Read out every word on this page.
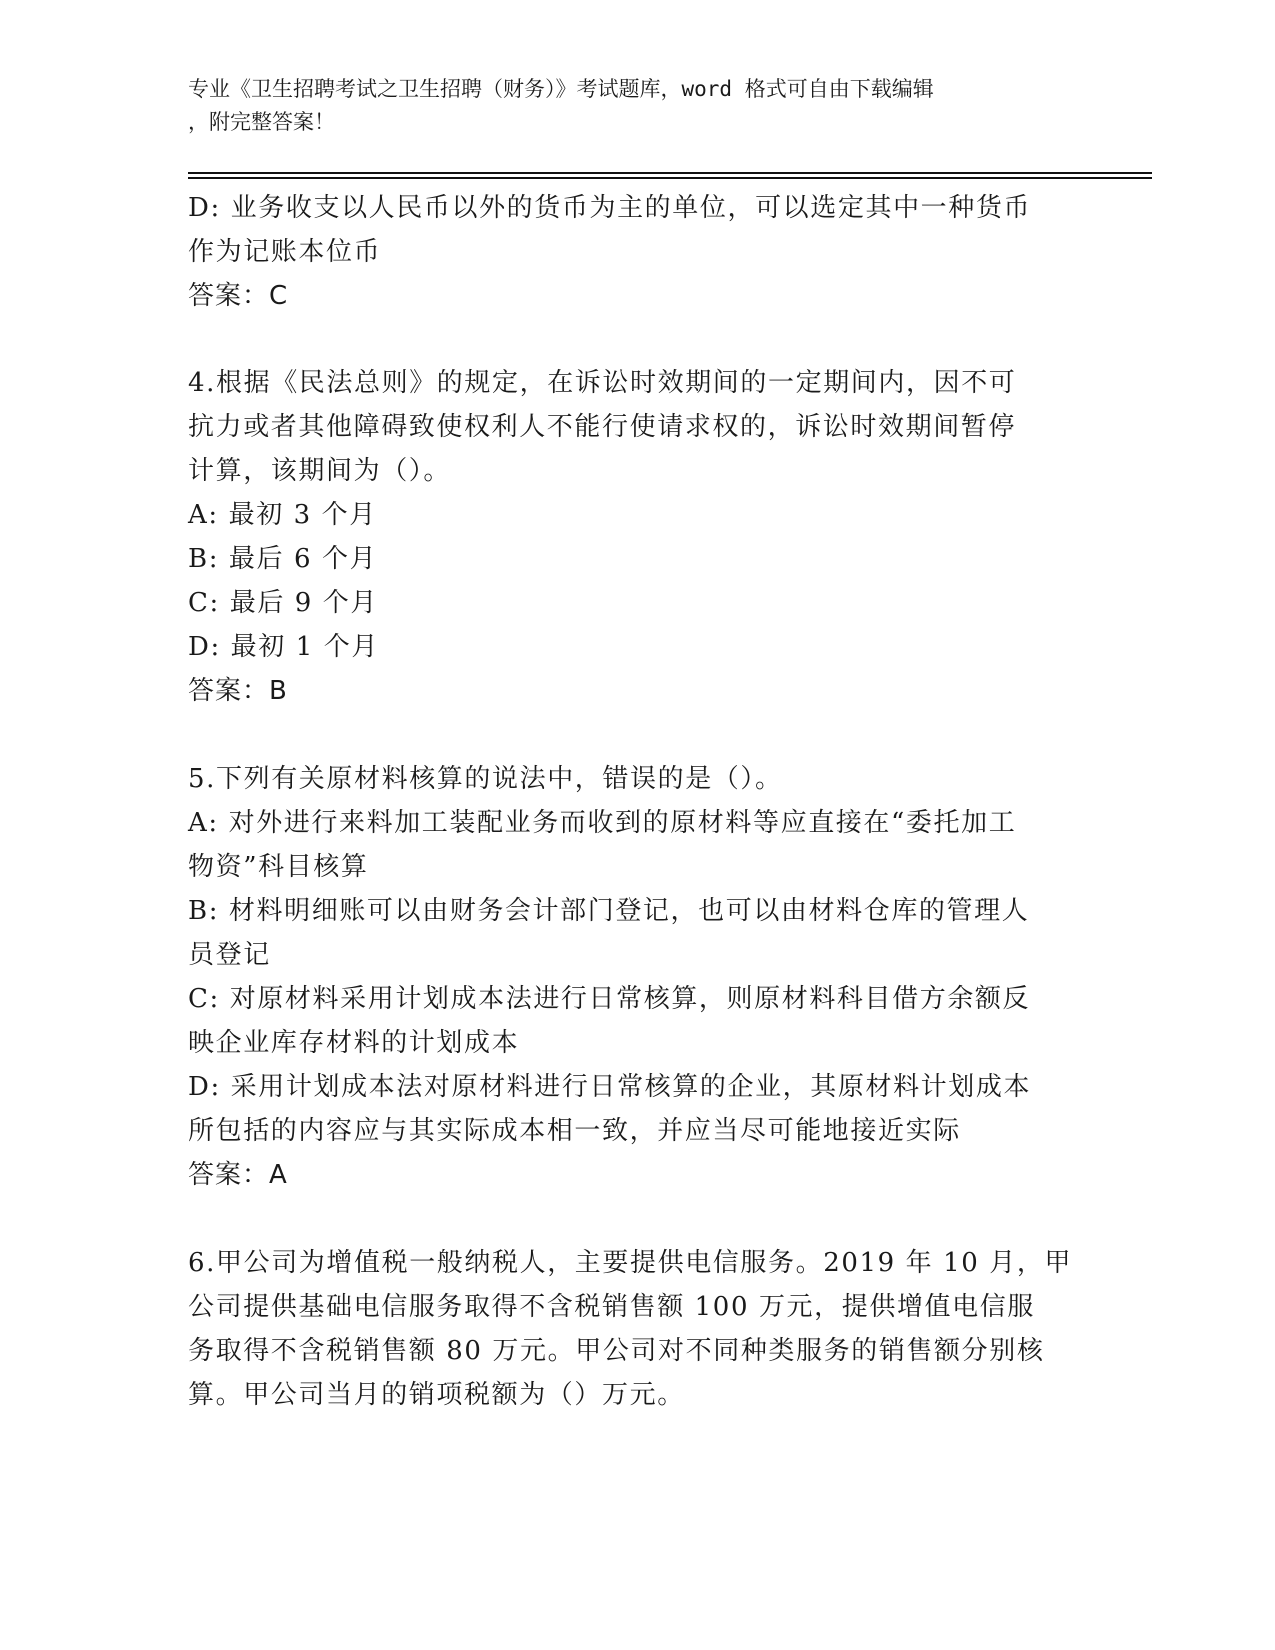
专业《卫生招聘考试之卫生招聘（财务）》考试题库，word 格式可自由下载编辑
，附完整答案！
D: 业务收支以人民币以外的货币为主的单位，可以选定其中一种货币
作为记账本位币
答案：C
4.根据《民法总则》的规定，在诉讼时效期间的一定期间内，因不可
抗力或者其他障碍致使权利人不能行使请求权的，诉讼时效期间暂停
计算，该期间为（）。
A: 最初 3 个月
B: 最后 6 个月
C: 最后 9 个月
D: 最初 1 个月
答案：B
5.下列有关原材料核算的说法中，错误的是（）。
A: 对外进行来料加工装配业务而收到的原材料等应直接在“委托加工
物资”科目核算
B: 材料明细账可以由财务会计部门登记，也可以由材料仓库的管理人
员登记
C: 对原材料采用计划成本法进行日常核算，则原材料科目借方余额反
映企业库存材料的计划成本
D: 采用计划成本法对原材料进行日常核算的企业，其原材料计划成本
所包括的内容应与其实际成本相一致，并应当尽可能地接近实际
答案：A
6.甲公司为增值税一般纳税人，主要提供电信服务。2019 年 10 月，甲
公司提供基础电信服务取得不含税销售额 100 万元，提供增值电信服
务取得不含税销售额 80 万元。甲公司对不同种类服务的销售额分别核
算。甲公司当月的销项税额为（）万元。
